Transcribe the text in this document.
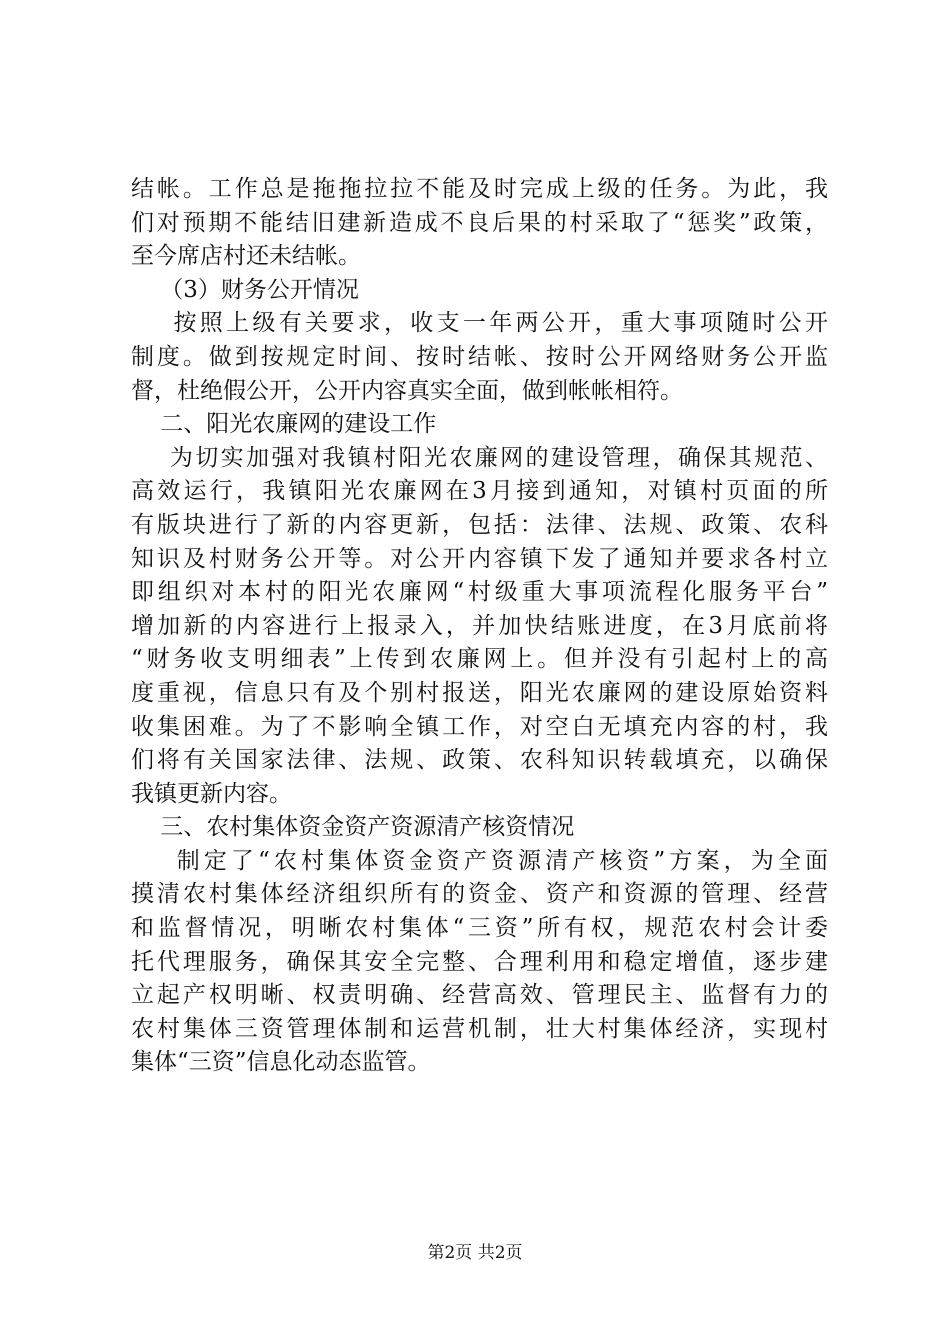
结帐。工作总是拖拖拉拉不能及时完成上级的任务。为此，我
们对预期不能结旧建新造成不良后果的村采取了“惩奖”政策，
至今席店村还未结帐。
（3）财务公开情况
按照上级有关要求，收支一年两公开，重大事项随时公开
制度。做到按规定时间、按时结帐、按时公开网络财务公开监
督，杜绝假公开，公开内容真实全面，做到帐帐相符。
二、阳光农廉网的建设工作
为切实加强对我镇村阳光农廉网的建设管理，确保其规范、
高效运行，我镇阳光农廉网在3月接到通知，对镇村页面的所
有版块进行了新的内容更新，包括：法律、法规、政策、农科
知识及村财务公开等。对公开内容镇下发了通知并要求各村立
即组织对本村的阳光农廉网“村级重大事项流程化服务平台”
增加新的内容进行上报录入，并加快结账进度，在3月底前将
“财务收支明细表”上传到农廉网上。但并没有引起村上的高
度重视，信息只有及个别村报送，阳光农廉网的建设原始资料
收集困难。为了不影响全镇工作，对空白无填充内容的村，我
们将有关国家法律、法规、政策、农科知识转载填充，以确保
我镇更新内容。
三、农村集体资金资产资源清产核资情况
制定了“农村集体资金资产资源清产核资”方案，为全面
摸清农村集体经济组织所有的资金、资产和资源的管理、经营
和监督情况，明晰农村集体“三资”所有权，规范农村会计委
托代理服务，确保其安全完整、合理利用和稳定增值，逐步建
立起产权明晰、权责明确、经营高效、管理民主、监督有力的
农村集体三资管理体制和运营机制，壮大村集体经济，实现村
集体“三资”信息化动态监管。
第2页 共2页
